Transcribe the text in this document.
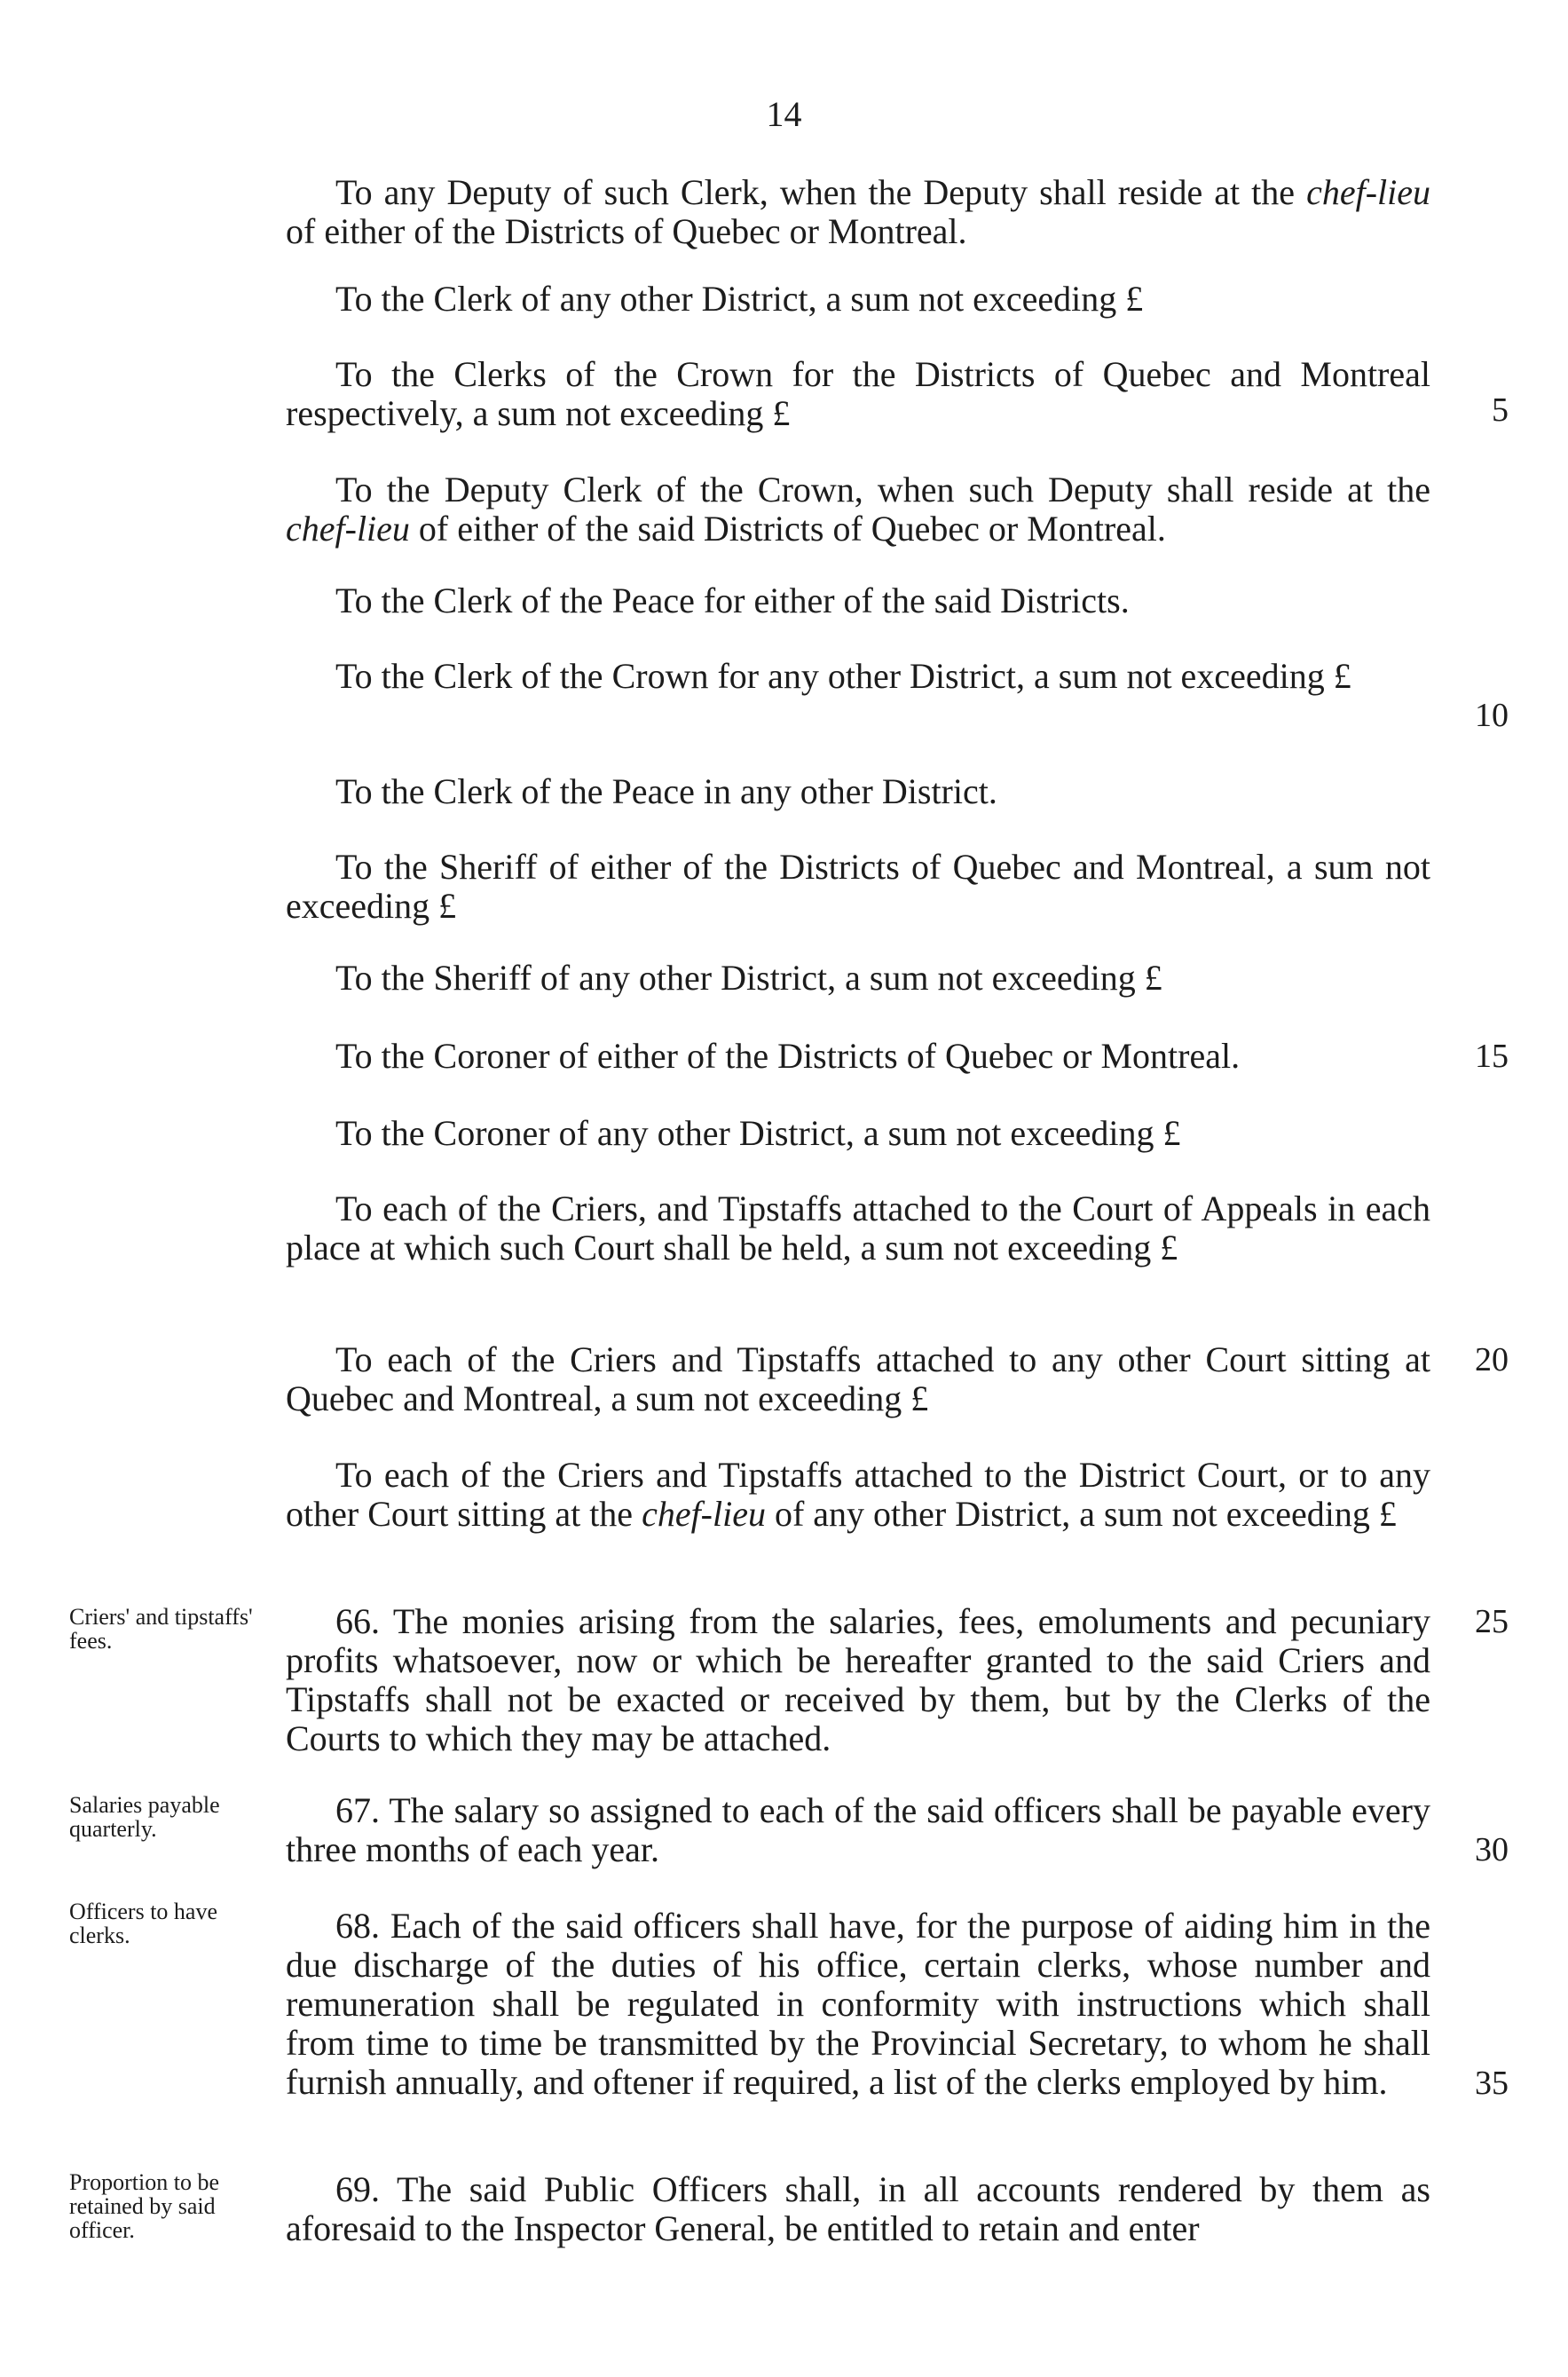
14

To any Deputy of such Clerk, when the Deputy shall reside at the chef-lieu of either of the Districts of Quebec or Montreal.

To the Clerk of any other District, a sum not exceeding £

To the Clerks of the Crown for the Districts of Quebec and Montreal respectively, a sum not exceeding £	5

To the Deputy Clerk of the Crown, when such Deputy shall reside at the chef-lieu of either of the said Districts of Quebec or Montreal.

To the Clerk of the Peace for either of the said Districts.

To the Clerk of the Crown for any other District, a sum not exceeding £

10

To the Clerk of the Peace in any other District.

To the Sheriff of either of the Districts of Quebec and Montreal, a sum not exceeding £

To the Sheriff of any other District, a sum not exceeding £

To the Coroner of either of the Districts of Quebec or Montreal.	15

To the Coroner of any other District, a sum not exceeding £

To each of the Criers, and Tipstaffs attached to the Court of Appeals in each place at which such Court shall be held, a sum not exceeding £

To each of the Criers and Tipstaffs attached to any other Court sitting at Quebec and Montreal, a sum not exceeding £

20

To each of the Criers and Tipstaffs attached to the District Court, or to any other Court sitting at the chef-lieu of any other District, a sum not exceeding £

Criers' and tipstaffs' fees.	66. The monies arising from the salaries, fees, emoluments and pecuniary profits whatsoever, now or which be hereafter granted to the said Criers and Tipstaffs shall not be exacted or received by them, but by the Clerks of the Courts to which they may be attached.

25
Salaries payable quarterly.	67. The salary so assigned to each of the said officers shall be payable every three months of each year.	30
Officers to have clerks.	68. Each of the said officers shall have, for the purpose of aiding him in the due discharge of the duties of his office, certain clerks, whose number and remuneration shall be regulated in conformity with instructions which shall from time to time be transmitted by the Provincial Secretary, to whom he shall furnish annually, and oftener if required, a list of the clerks employed by him.	35
Proportion to be retained by said officer.

69. The said Public Officers shall, in all accounts rendered by them as aforesaid to the Inspector General, be entitled to retain and enter
